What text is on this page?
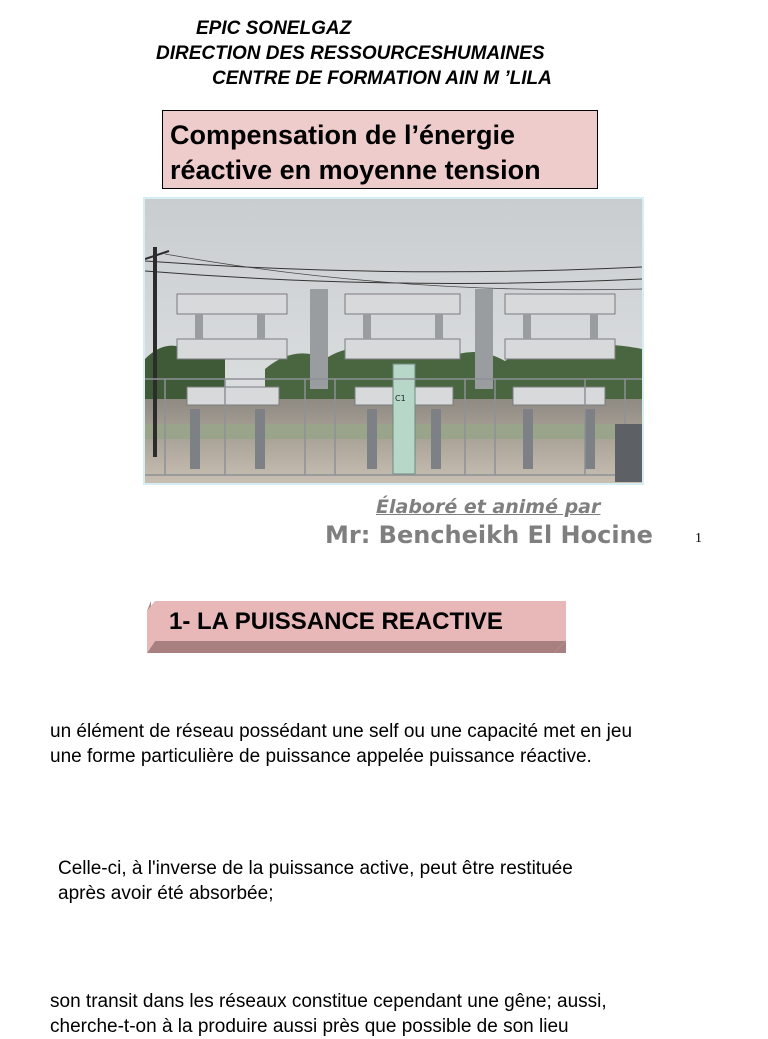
EPIC SONELGAZ
DIRECTION DES RESSOURCESHUMAINES
CENTRE DE FORMATION AIN M ’LILA
Compensation de l’énergie
réactive en moyenne tension
C1
Élaboré et animé par
Mr: Bencheikh El Hocine	1
1- LA PUISSANCE REACTIVE
un élément de réseau possédant une self ou une capacité met en jeu
une forme particulière de puissance appelée puissance réactive.
Celle-ci, à l'inverse de la puissance active, peut être restituée
après avoir été absorbée;
son transit dans les réseaux constitue cependant une gêne; aussi,
cherche-t-on à la produire aussi près que possible de son lieu
